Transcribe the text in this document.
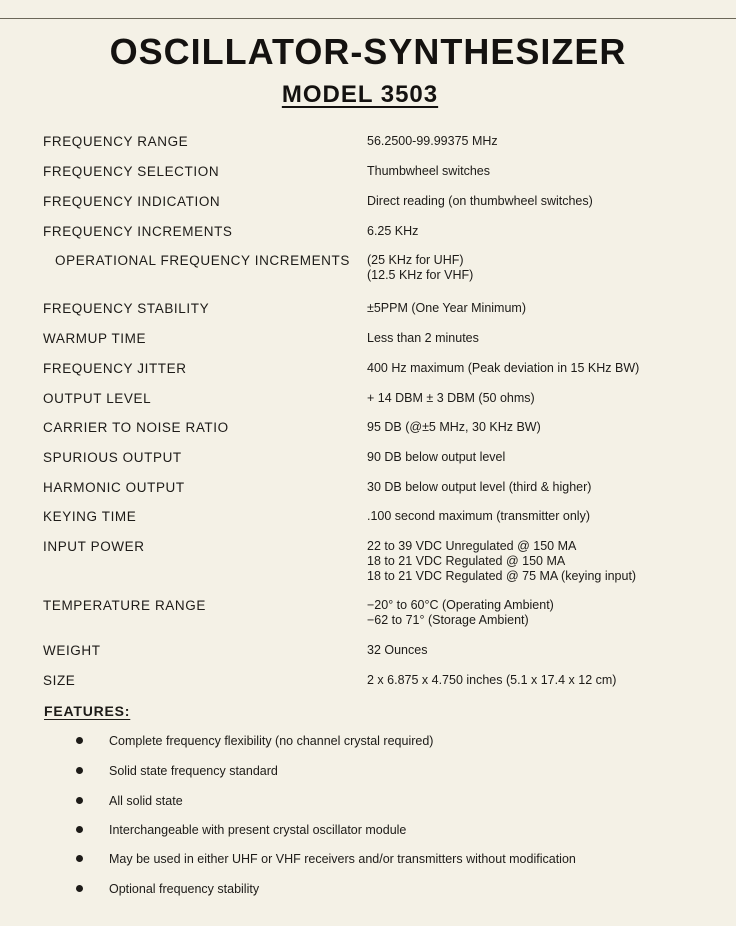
OSCILLATOR-SYNTHESIZER
MODEL 3503
FREQUENCY RANGE	56.2500-99.99375 MHz
FREQUENCY SELECTION	Thumbwheel switches
FREQUENCY INDICATION	Direct reading (on thumbwheel switches)
FREQUENCY INCREMENTS	6.25 KHz
OPERATIONAL FREQUENCY INCREMENTS (25 KHz for UHF)
(12.5 KHz for VHF)
FREQUENCY STABILITY	±5PPM (One Year Minimum)
WARMUP TIME	Less than 2 minutes
FREQUENCY JITTER	400 Hz maximum (Peak deviation in 15 KHz BW)
OUTPUT LEVEL	+ 14 DBM ± 3 DBM (50 ohms)
CARRIER TO NOISE RATIO	95 DB (@±5 MHz, 30 KHz BW)
SPURIOUS OUTPUT	90 DB below output level
HARMONIC OUTPUT	30 DB below output level (third & higher)
KEYING TIME	.100 second maximum (transmitter only)
INPUT POWER	22 to 39 VDC Unregulated @ 150 MA
18 to 21 VDC Regulated @ 150 MA
18 to 21 VDC Regulated @ 75 MA (keying input)
TEMPERATURE RANGE	−20° to 60°C (Operating Ambient)
−62 to 71° (Storage Ambient)
WEIGHT	32 Ounces
SIZE	2 x 6.875 x 4.750 inches (5.1 x 17.4 x 12 cm)
FEATURES:
Complete frequency flexibility (no channel crystal required)
Solid state frequency standard
All solid state
Interchangeable with present crystal oscillator module
May be used in either UHF or VHF receivers and/or transmitters without modification
Optional frequency stability
